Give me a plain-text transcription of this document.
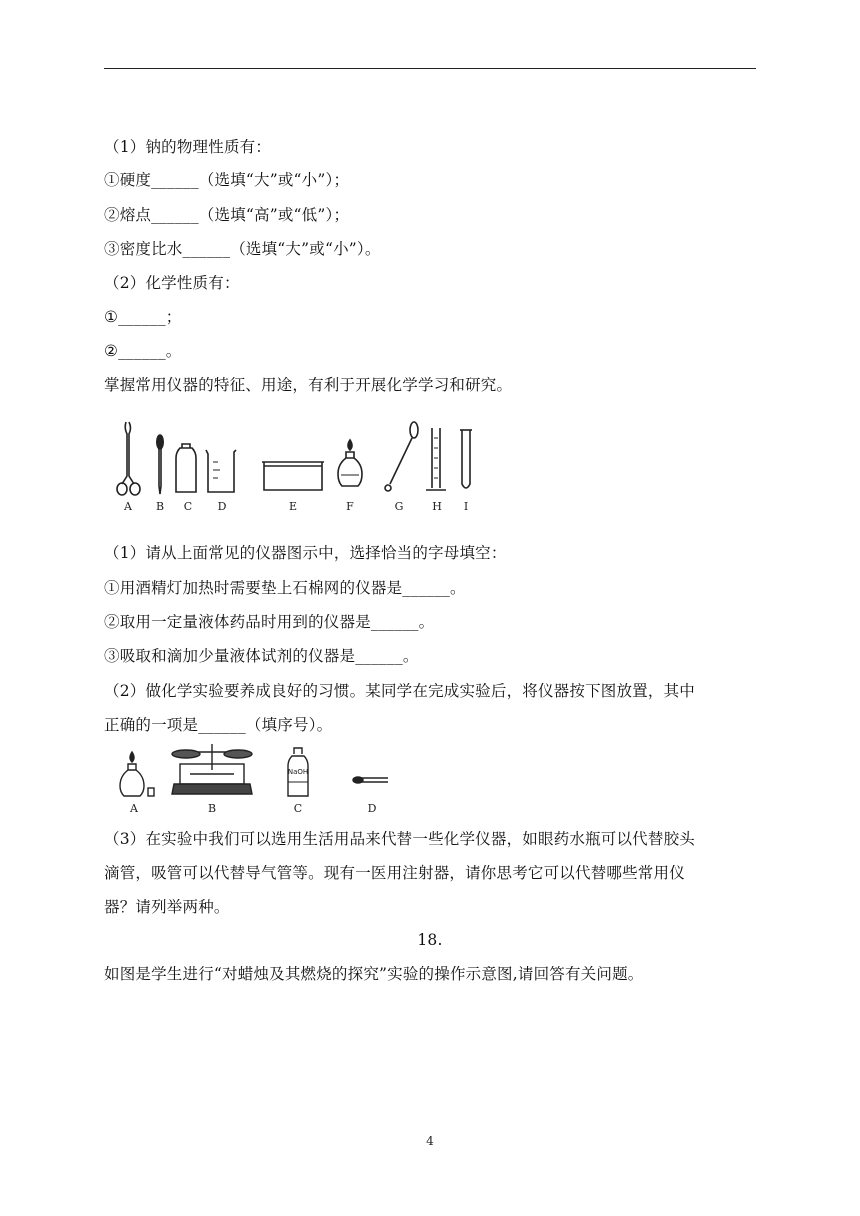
（1）钠的物理性质有：
①硬度______（选填“大”或“小”）；
②熔点______（选填“高”或“低”）；
③密度比水______（选填“大”或“小”）。
（2）化学性质有：
①______；
②______。
掌握常用仪器的特征、用途，有利于开展化学学习和研究。
A B C D	E	F	G	H I
（1）请从上面常见的仪器图示中，选择恰当的字母填空：
①用酒精灯加热时需要垫上石棉网的仪器是______。
②取用一定量液体药品时用到的仪器是______。
③吸取和滴加少量液体试剂的仪器是______。
（2）做化学实验要养成良好的习惯。某同学在完成实验后，将仪器按下图放置，其中
正确的一项是______（填序号）。
NaOH
A	B	C	D
（3）在实验中我们可以选用生活用品来代替一些化学仪器，如眼药水瓶可以代替胶头
滴管，吸管可以代替导气管等。现有一医用注射器，请你思考它可以代替哪些常用仪
器？请列举两种。
18.
如图是学生进行“对蜡烛及其燃烧的探究”实验的操作示意图,请回答有关问题。
4
